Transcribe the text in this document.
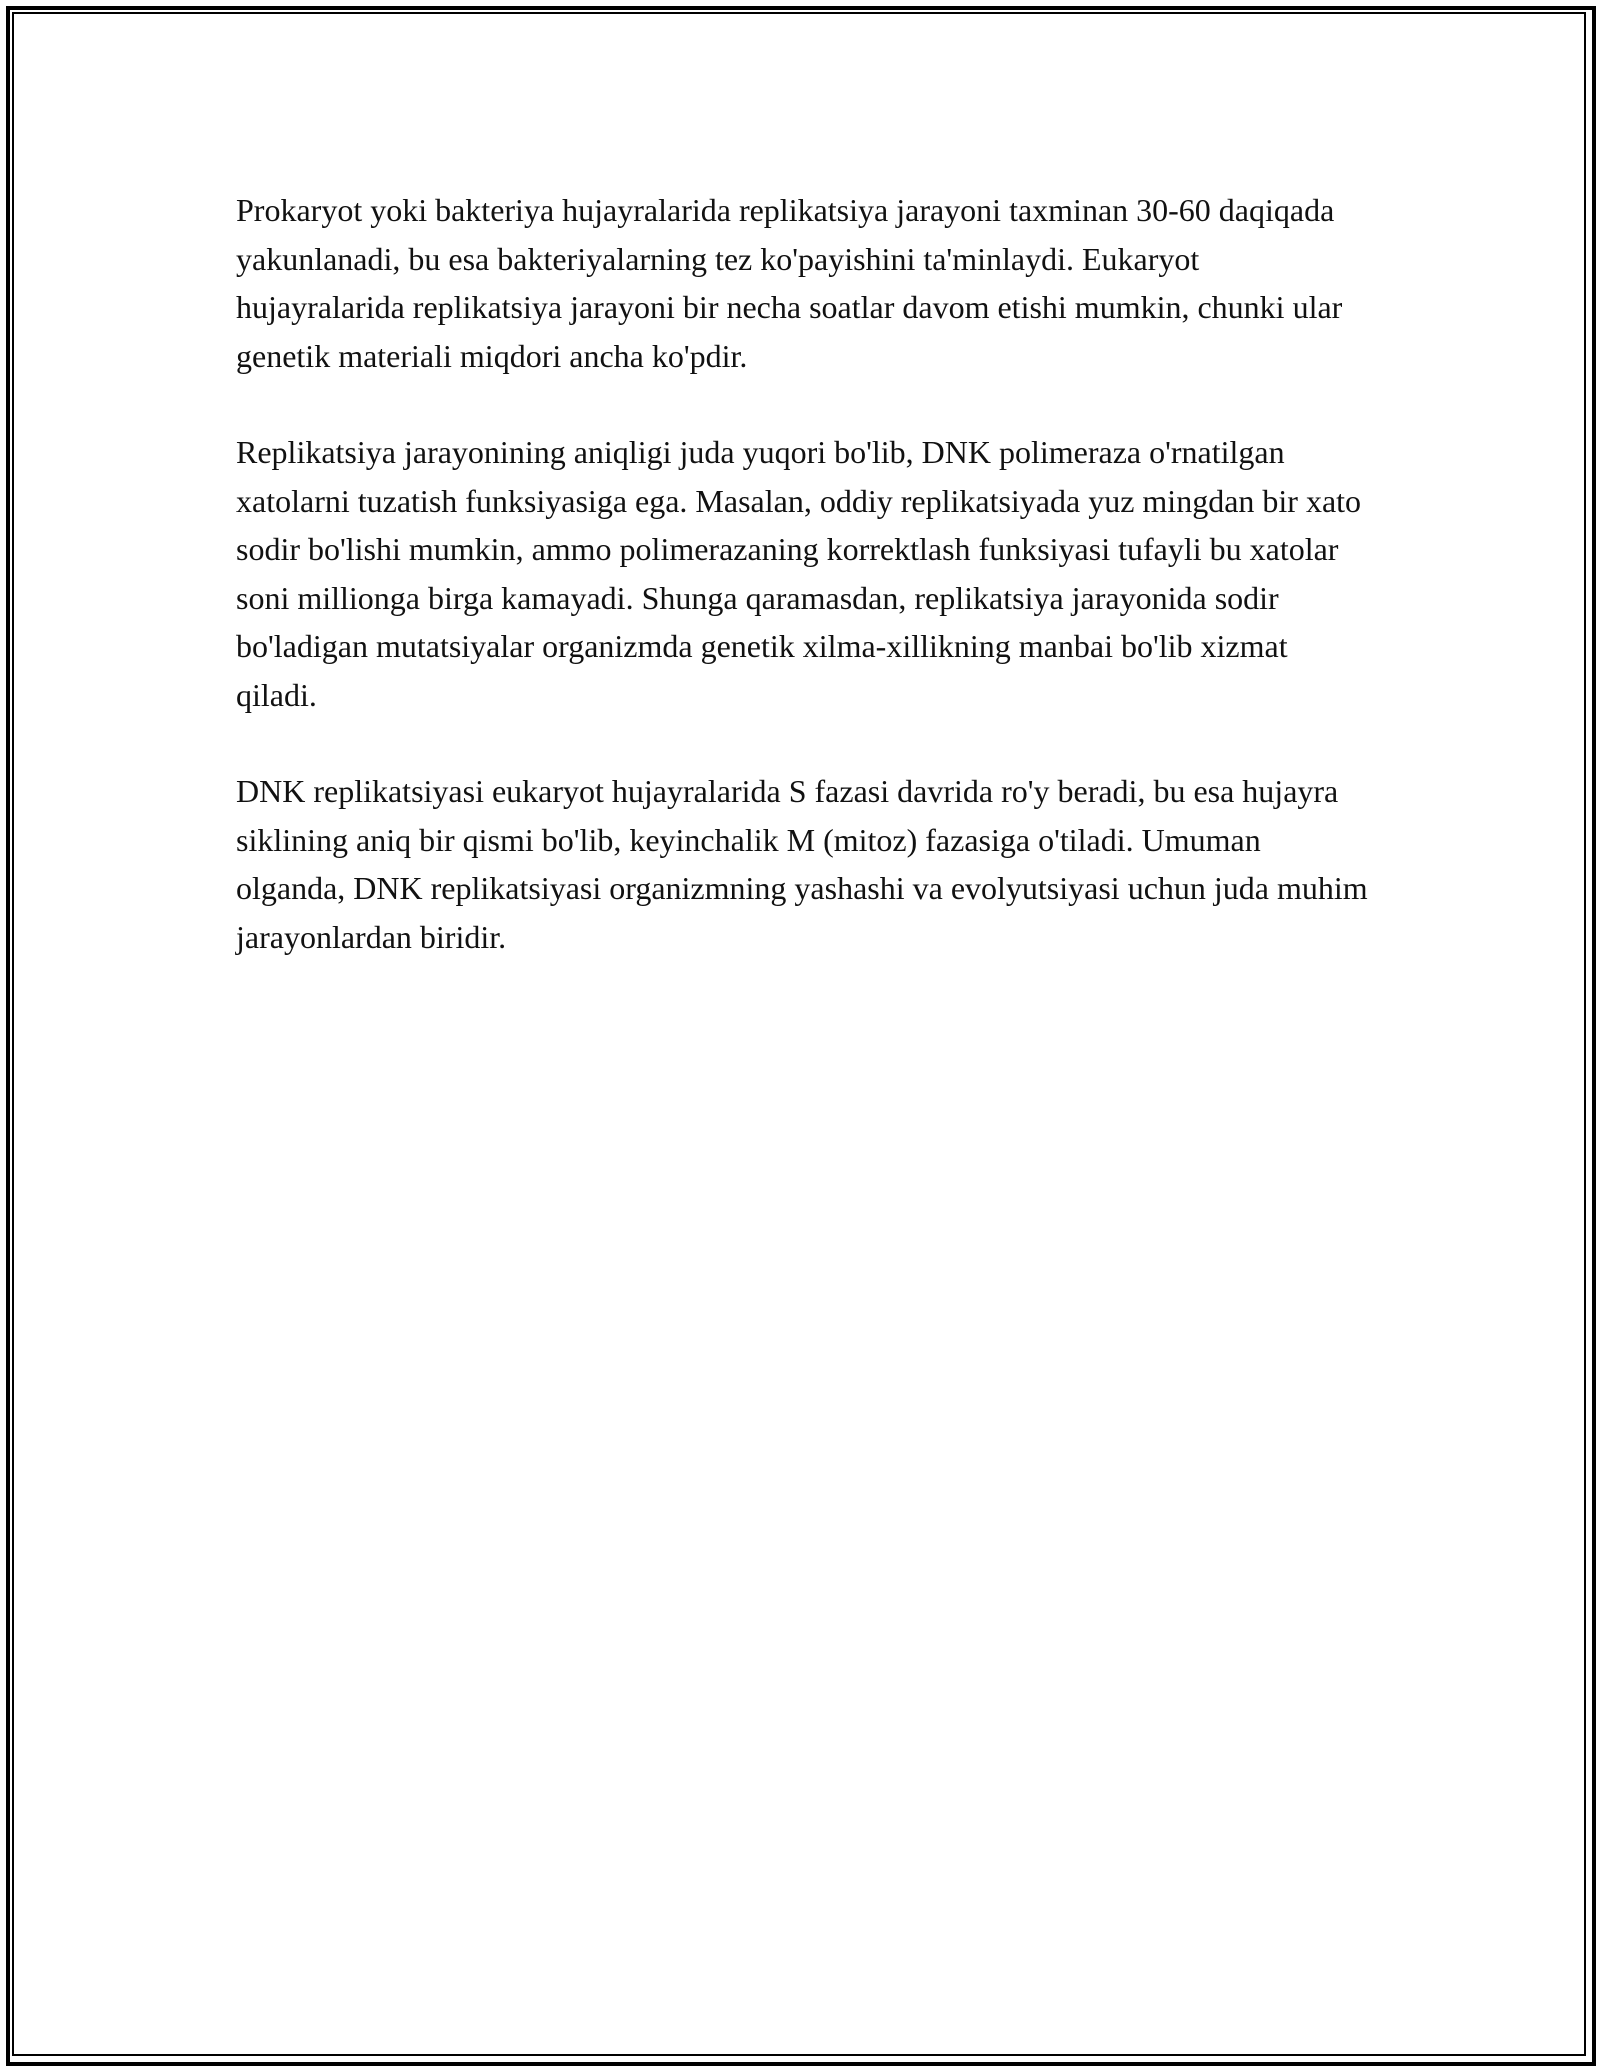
Prokaryot yoki bakteriya hujayralarida replikatsiya jarayoni taxminan 30-60 daqiqada yakunlanadi, bu esa bakteriyalarning tez ko'payishini ta'minlaydi. Eukaryot hujayralarida replikatsiya jarayoni bir necha soatlar davom etishi mumkin, chunki ular genetik materiali miqdori ancha ko'pdir.

Replikatsiya jarayonining aniqligi juda yuqori bo'lib, DNK polimeraza o'rnatilgan xatolarni tuzatish funksiyasiga ega. Masalan, oddiy replikatsiyada yuz mingdan bir xato sodir bo'lishi mumkin, ammo polimerazaning korrektlash funksiyasi tufayli bu xatolar soni millionga birga kamayadi. Shunga qaramasdan, replikatsiya jarayonida sodir bo'ladigan mutatsiyalar organizmda genetik xilma-xillikning manbai bo'lib xizmat qiladi.

DNK replikatsiyasi eukaryot hujayralarida S fazasi davrida ro'y beradi, bu esa hujayra siklining aniq bir qismi bo'lib, keyinchalik M (mitoz) fazasiga o'tiladi. Umuman olganda, DNK replikatsiyasi organizmning yashashi va evolyutsiyasi uchun juda muhim jarayonlardan biridir.
